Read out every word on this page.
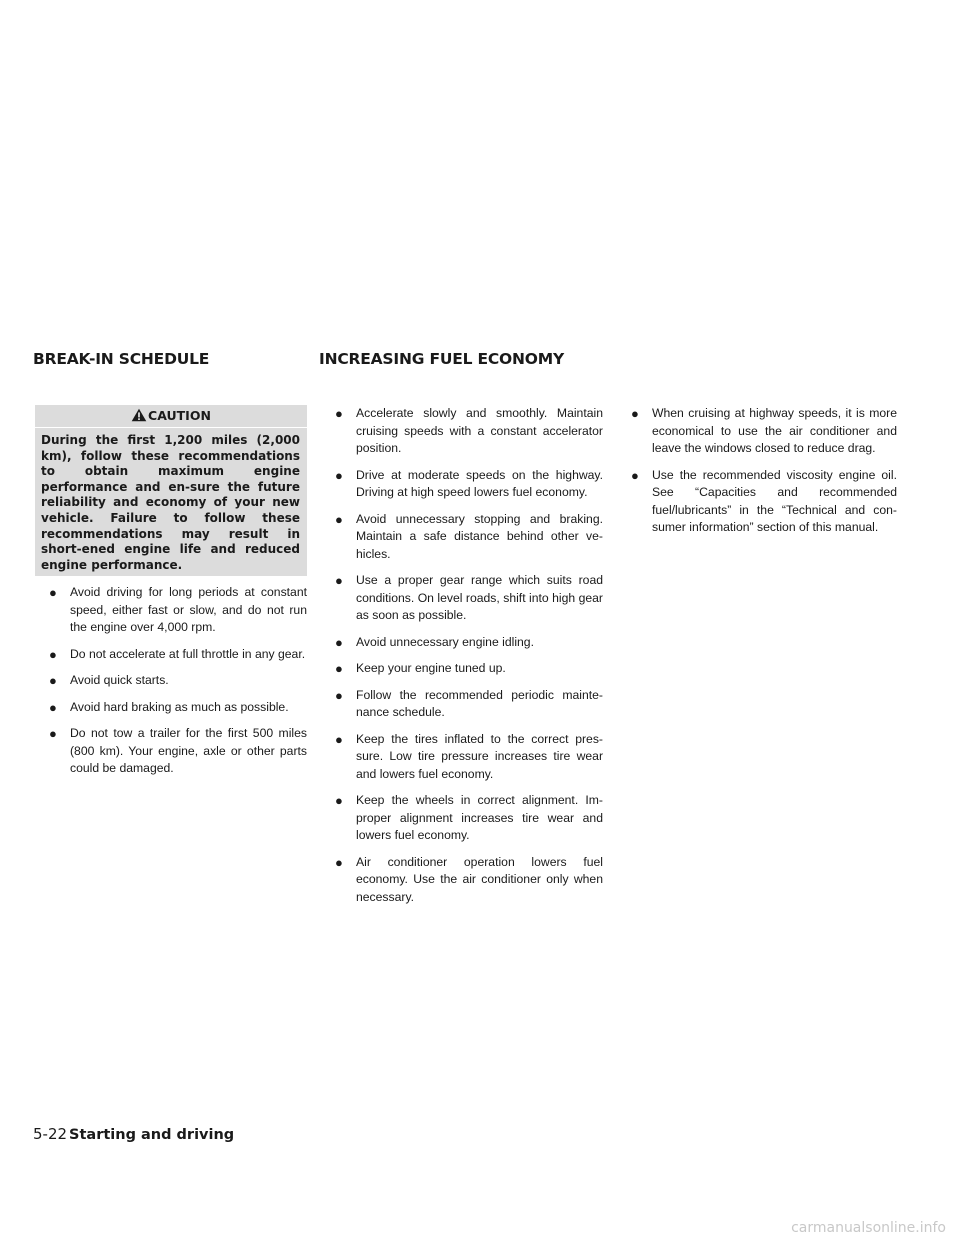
BREAK-IN SCHEDULE	INCREASING FUEL ECONOMY
CAUTION
During the first 1,200 miles (2,000 km), follow these recommendations to obtain maximum engine performance and en-sure the future reliability and economy of your new vehicle. Failure to follow these recommendations may result in short-ened engine life and reduced engine performance.
● Avoid driving for long periods at constant speed, either fast or slow, and do not run the engine over 4,000 rpm.
● Do not accelerate at full throttle in any gear.
● Avoid quick starts.
● Avoid hard braking as much as possible.
● Do not tow a trailer for the first 500 miles (800 km). Your engine, axle or other parts could be damaged.
● Accelerate slowly and smoothly. Maintain cruising speeds with a constant accelerator position.
● Drive at moderate speeds on the highway. Driving at high speed lowers fuel economy.
● Avoid unnecessary stopping and braking. Maintain a safe distance behind other ve-hicles.
● Use a proper gear range which suits road conditions. On level roads, shift into high gear as soon as possible.
● Avoid unnecessary engine idling.
● Keep your engine tuned up.
● Follow the recommended periodic mainte-nance schedule.
● Keep the tires inflated to the correct pres-sure. Low tire pressure increases tire wear and lowers fuel economy.
● Keep the wheels in correct alignment. Im-proper alignment increases tire wear and lowers fuel economy.
● Air conditioner operation lowers fuel economy. Use the air conditioner only when necessary.
● When cruising at highway speeds, it is more economical to use the air conditioner and leave the windows closed to reduce drag.
● Use the recommended viscosity engine oil. See “Capacities and recommended fuel/lubricants” in the “Technical and con-sumer information” section of this manual.
5-22 Starting and driving
carmanualsonline.info
